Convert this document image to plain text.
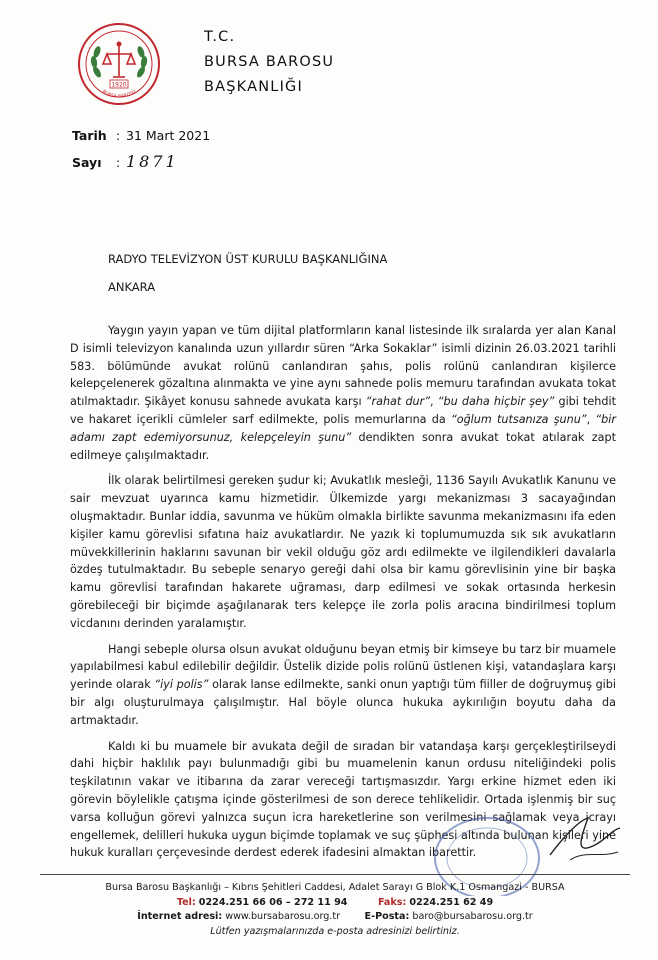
1920
BURSA BAROSU
T.C.
BURSA BAROSU
BAŞKANLIĞI
Tarih : 31 Mart 2021
Sayı : 1871
RADYO TELEVİZYON ÜST KURULU BAŞKANLIĞINA
ANKARA

Yaygın yayın yapan ve tüm dijital platformların kanal listesinde ilk sıralarda yer alan Kanal D isimli televizyon kanalında uzun yıllardır süren “Arka Sokaklar” isimli dizinin 26.03.2021 tarihli 583. bölümünde avukat rolünü canlandıran şahıs, polis rolünü canlandıran kişilerce kelepçelenerek gözaltına alınmakta ve yine aynı sahnede polis memuru tarafından avukata tokat atılmaktadır. Şikâyet konusu sahnede avukata karşı “rahat dur”, “bu daha hiçbir şey” gibi tehdit ve hakaret içerikli cümleler sarf edilmekte, polis memurlarına da “oğlum tutsanıza şunu”, “bir adamı zapt edemiyorsunuz, kelepçeleyin şunu” dendikten sonra avukat tokat atılarak zapt edilmeye çalışılmaktadır.

İlk olarak belirtilmesi gereken şudur ki; Avukatlık mesleği, 1136 Sayılı Avukatlık Kanunu ve sair mevzuat uyarınca kamu hizmetidir. Ülkemizde yargı mekanizması 3 sacayağından oluşmaktadır. Bunlar iddia, savunma ve hüküm olmakla birlikte savunma mekanizmasını ifa eden kişiler kamu görevlisi sıfatına haiz avukatlardır. Ne yazık ki toplumumuzda sık sık avukatların müvekkillerinin haklarını savunan bir vekil olduğu göz ardı edilmekte ve ilgilendikleri davalarla özdeş tutulmaktadır. Bu sebeple senaryo gereği dahi olsa bir kamu görevlisinin yine bir başka kamu görevlisi tarafından hakarete uğraması, darp edilmesi ve sokak ortasında herkesin görebileceği bir biçimde aşağılanarak ters kelepçe ile zorla polis aracına bindirilmesi toplum vicdanını derinden yaralamıştır.

Hangi sebeple olursa olsun avukat olduğunu beyan etmiş bir kimseye bu tarz bir muamele yapılabilmesi kabul edilebilir değildir. Üstelik dizide polis rolünü üstlenen kişi, vatandaşlara karşı yerinde olarak “iyi polis” olarak lanse edilmekte, sanki onun yaptığı tüm fiiller de doğruymuş gibi bir algı oluşturulmaya çalışılmıştır. Hal böyle olunca hukuka aykırılığın boyutu daha da artmaktadır.

Kaldı ki bu muamele bir avukata değil de sıradan bir vatandaşa karşı gerçekleştirilseydi dahi hiçbir haklılık payı bulunmadığı gibi bu muamelenin kanun ordusu niteliğindeki polis teşkilatının vakar ve itibarına da zarar vereceği tartışmasızdır. Yargı erkine hizmet eden iki görevin böylelikle çatışma içinde gösterilmesi de son derece tehlikelidir. Ortada işlenmiş bir suç varsa kolluğun görevi yalnızca suçun icra hareketlerine son verilmesini sağlamak veya icrayı engellemek, delilleri hukuka uygun biçimde toplamak ve suç şüphesi altında bulunan kişileri yine hukuk kuralları çerçevesinde derdest ederek ifadesini almaktan ibarettir.

Bursa Barosu Başkanlığı – Kıbrıs Şehitleri Caddesi, Adalet Sarayı G Blok K.1 Osmangazi - BURSA
Tel: 0224.251 66 06 – 272 11 94	Faks: 0224.251 62 49
İnternet adresi: www.bursabarosu.org.tr	E-Posta: baro@bursabarosu.org.tr
Lütfen yazışmalarınızda e-posta adresinizi belirtiniz.
